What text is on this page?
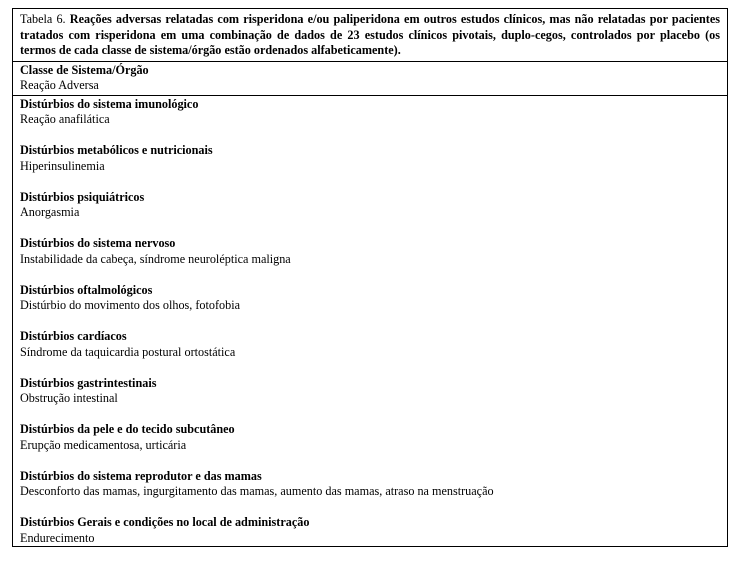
Tabela 6. Reações adversas relatadas com risperidona e/ou paliperidona em outros estudos clínicos, mas não relatadas por pacientes tratados com risperidona em uma combinação de dados de 23 estudos clínicos pivotais, duplo-cegos, controlados por placebo (os termos de cada classe de sistema/órgão estão ordenados alfabeticamente).
Classe de Sistema/Órgão
Reação Adversa
Distúrbios do sistema imunológico
Reação anafilática
Distúrbios metabólicos e nutricionais
Hiperinsulinemia
Distúrbios psiquiátricos
Anorgasmia
Distúrbios do sistema nervoso
Instabilidade da cabeça, síndrome neuroléptica maligna
Distúrbios oftalmológicos
Distúrbio do movimento dos olhos, fotofobia
Distúrbios cardíacos
Síndrome da taquicardia postural ortostática
Distúrbios gastrintestinais
Obstrução intestinal
Distúrbios da pele e do tecido subcutâneo
Erupção medicamentosa, urticária
Distúrbios do sistema reprodutor e das mamas
Desconforto das mamas, ingurgitamento das mamas, aumento das mamas, atraso na menstruação
Distúrbios Gerais e condições no local de administração
Endurecimento
